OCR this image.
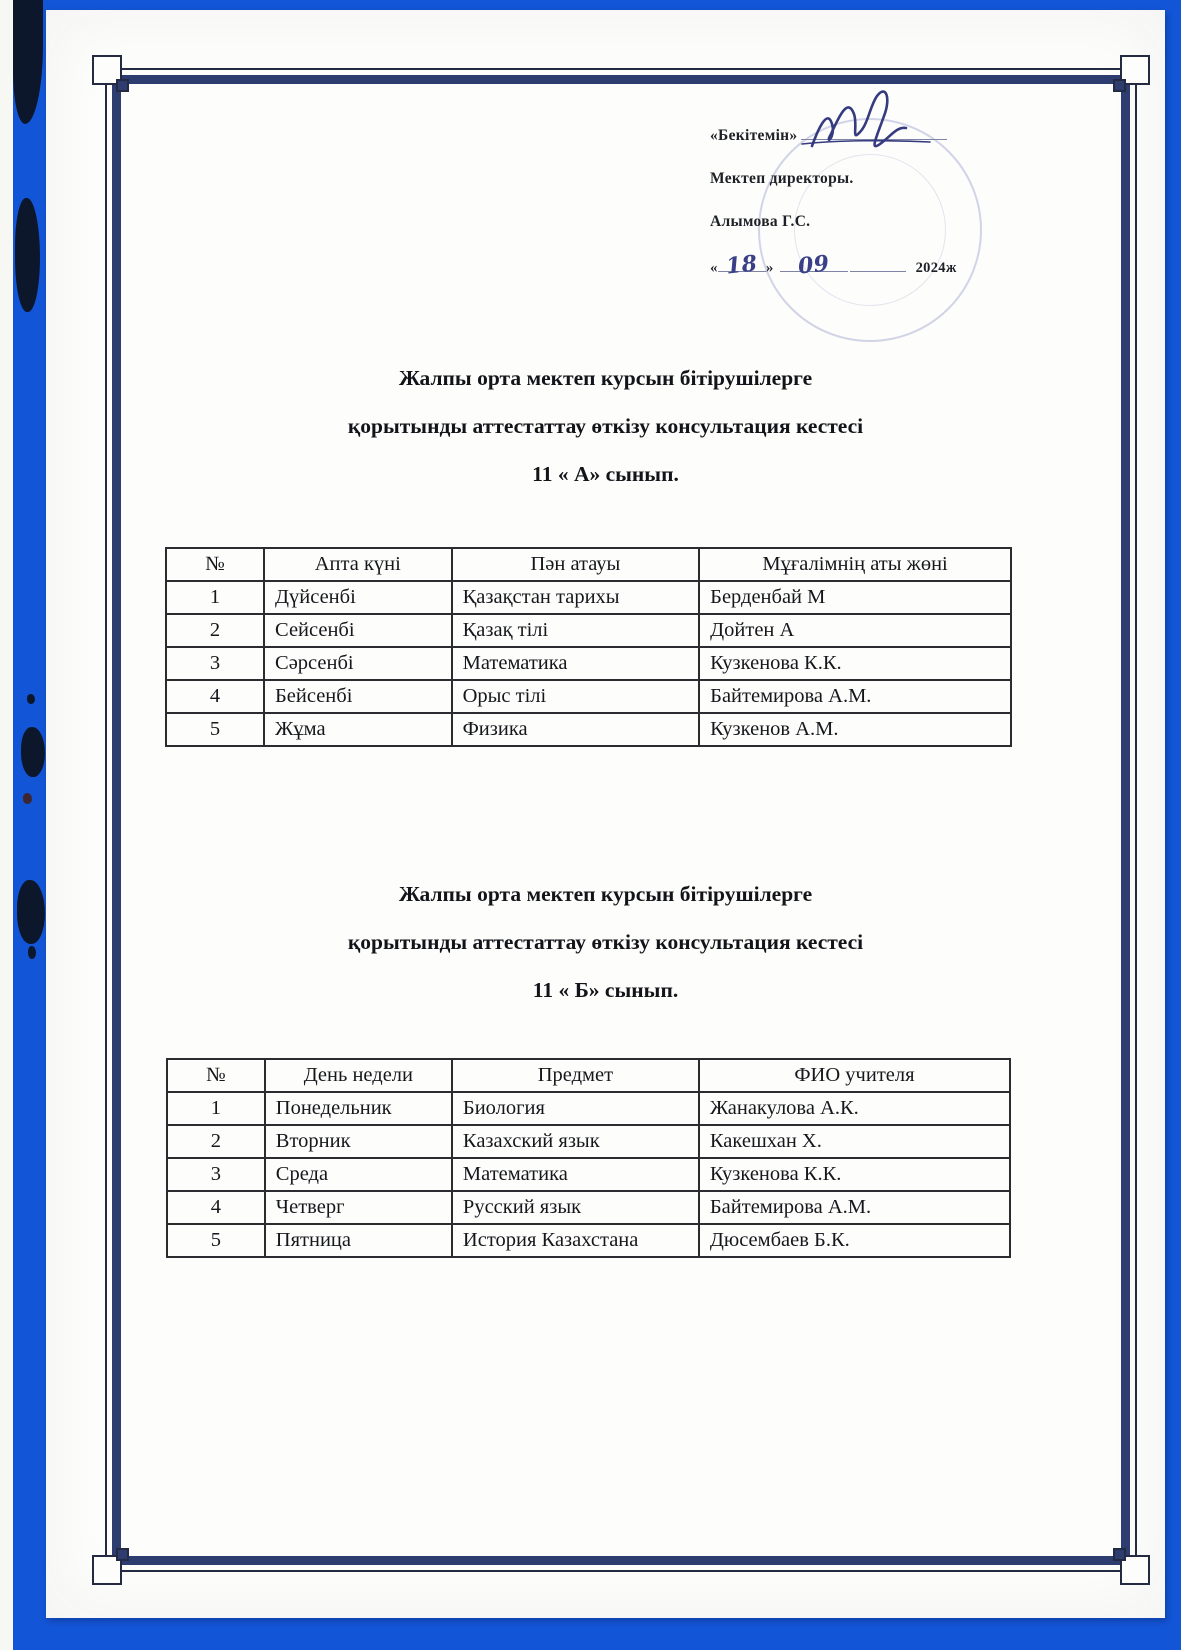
«Бекітемін»
Мектеп директоры.
Алымова Г.С.
« 18 » 09	2024ж
Жалпы орта мектеп курсын бітірушілерге
қорытынды аттестаттау өткізу консультация кестесі
11 « А» сынып.
№	Апта күні	Пән атауы	Мұғалімнің аты жөні
1	Дүйсенбі	Қазақстан тарихы	Берденбай М
2	Сейсенбі	Қазақ тілі	Дойтен А
3	Сәрсенбі	Математика	Кузкенова К.К.
4	Бейсенбі	Орыс тілі	Байтемирова А.М.
5	Жұма	Физика	Кузкенов А.М.
Жалпы орта мектеп курсын бітірушілерге
қорытынды аттестаттау өткізу консультация кестесі
11 « Б» сынып.
№	День недели	Предмет	ФИО учителя
1	Понедельник	Биология	Жанакулова А.К.
2	Вторник	Казахский язык	Какешхан Х.
3	Среда	Математика	Кузкенова К.К.
4	Четверг	Русский язык	Байтемирова А.М.
5	Пятница	История Казахстана	Дюсембаев Б.К.
